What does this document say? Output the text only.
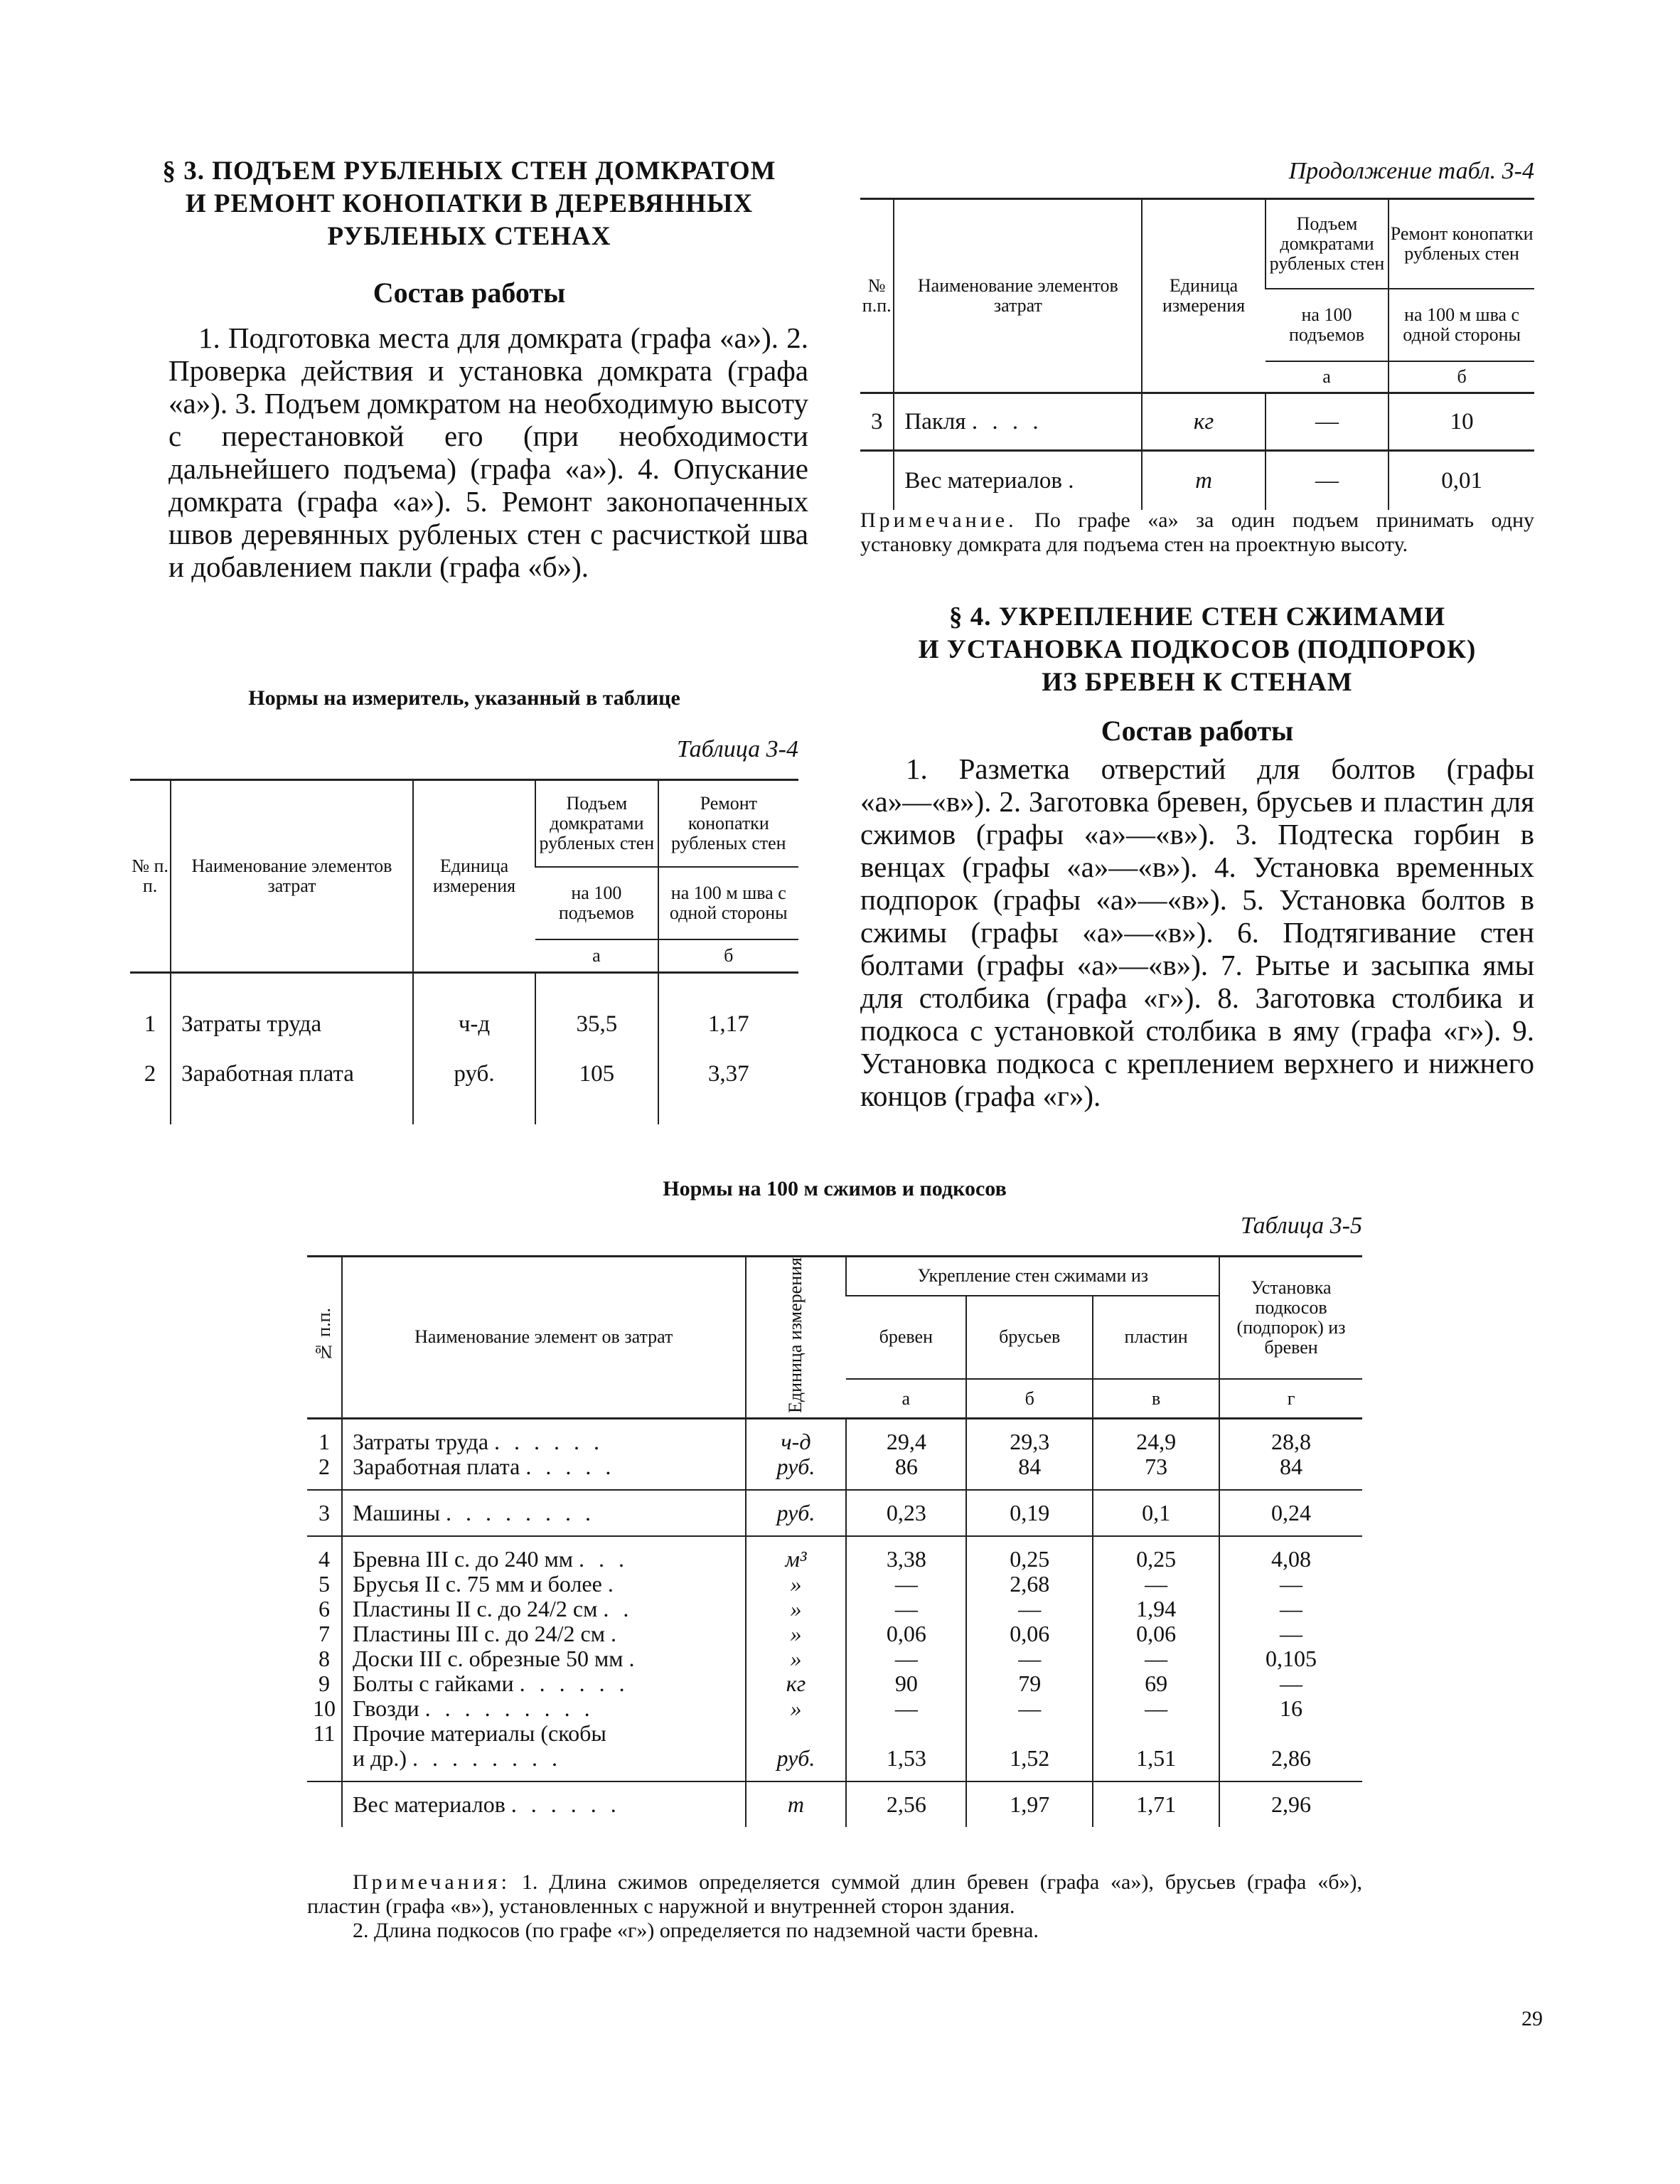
§ 3. ПОДЪЕМ РУБЛЕНЫХ СТЕН ДОМКРАТОМ
И РЕМОНТ КОНОПАТКИ В ДЕРЕВЯННЫХ
РУБЛЕНЫХ СТЕНАХ
Состав работы

1. Подготовка места для домкрата (графа «а»). 2. Проверка действия и установка домкрата (графа «а»). 3. Подъем домкратом на необходимую высоту с перестановкой его (при необходимости дальнейшего подъема) (графа «а»). 4. Опускание домкрата (графа «а»). 5. Ремонт законопаченных швов деревянных рубленых стен с расчисткой шва и добавлением пакли (графа «б»).

Нормы на измеритель, указанный в таблице
Таблица 3-4
№ п. п.	Наименование элементов затрат	Единица измерения	Подъем домкратами рубленых стен	Ремонт конопатки рубленых стен
			на 100 подъемов	на 100 м шва с одной стороны
			а	б

1	Затраты труда	ч-д	35,5	1,17
2	Заработная плата	руб.	105	3,37

Продолжение табл. 3-4
№ п.п.	Наименование элементов затрат	Единица измерения	Подъем домкратами рубленых стен	Ремонт конопатки рубленых стен
			на 100 подъемов	на 100 м шва с одной стороны
			а	б
3	Пакля . . . .	кг	—	10
	Вес материалов .	т	—	0,01
Примечание. По графе «а» за один подъем принимать одну установку домкрата для подъема стен на проектную высоту.
§ 4. УКРЕПЛЕНИЕ СТЕН СЖИМАМИ
И УСТАНОВКА ПОДКОСОВ (ПОДПОРОК)
ИЗ БРЕВЕН К СТЕНАМ
Состав работы

1. Разметка отверстий для болтов (графы «а»—«в»). 2. Заготовка бревен, брусьев и пластин для сжимов (графы «а»—«в»). 3. Подтеска горбин в венцах (графы «а»—«в»). 4. Установка временных подпорок (графы «а»—«в»). 5. Установка болтов в сжимы (графы «а»—«в»). 6. Подтягивание стен болтами (графы «а»—«в»). 7. Рытье и засыпка ямы для столбика (графа «г»). 8. Заготовка столбика и подкоса с установкой столбика в яму (графа «г»). 9. Установка подкоса с креплением верхнего и нижнего концов (графа «г»).

Нормы на 100 м сжимов и подкосов
Таблица 3-5
№ п.п.	Наименование элемент ов затрат	Единица измерения	Укрепление стен сжимами из			Установка подкосов (подпорок) из бревен
			бревен	брусьев	пластин	
			а	б	в	г

1	Затраты труда . . . . . .	ч-д	29,4	29,3	24,9	28,8
2	Заработная плата . . . . .	руб.	86	84	73	84

3	Машины . . . . . . . .	руб.	0,23	0,19	0,1	0,24

4	Бревна III с. до 240 мм . . .	м³	3,38	0,25	0,25	4,08
5	Брусья II с. 75 мм и более .	»	—	2,68	—	—
6	Пластины II с. до 24/2 см . .	»	—	—	1,94	—
7	Пластины III с. до 24/2 см .	»	0,06	0,06	0,06	—
8	Доски III с. обрезные 50 мм .	»	—	—	—	0,105
9	Болты с гайками . . . . . .	кг	90	79	69	—
10	Гвозди . . . . . . . . .	»	—	—	—	16
11	Прочие материалы (скобы					
	и др.) . . . . . . . .	руб.	1,53	1,52	1,51	2,86

	Вес материалов . . . . . .	т	2,56	1,97	1,71	2,96

Примечания: 1. Длина сжимов определяется суммой длин бревен (графа «а»), брусьев (графа «б»), пластин (графа «в»), установленных с наружной и внутренней сторон здания.
2. Длина подкосов (по графе «г») определяется по надземной части бревна.
29
